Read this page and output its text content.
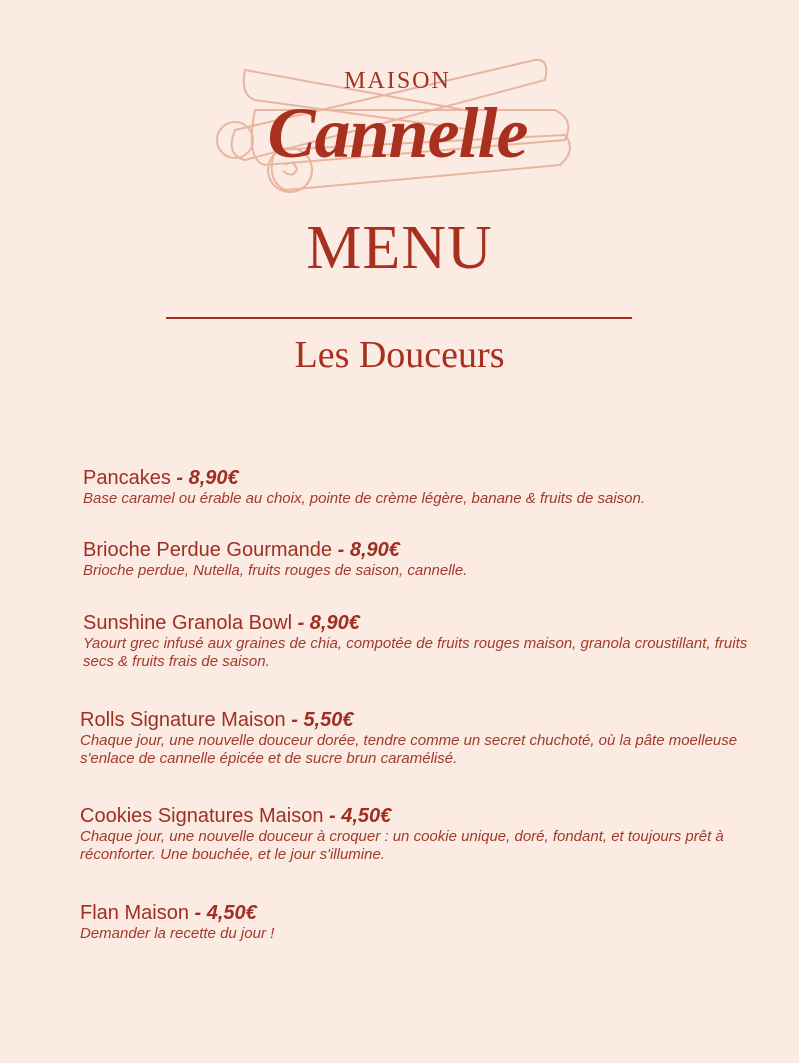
MAISON
Cannelle
MENU
Les Douceurs
Pancakes - 8,90€
Base caramel ou érable au choix, pointe de crème légère, banane & fruits de saison.
Brioche Perdue Gourmande - 8,90€
Brioche perdue, Nutella, fruits rouges de saison, cannelle.
Sunshine Granola Bowl - 8,90€
Yaourt grec infusé aux graines de chia, compotée de fruits rouges maison, granola croustillant, fruits secs & fruits frais de saison.
Rolls Signature Maison - 5,50€
Chaque jour, une nouvelle douceur dorée, tendre comme un secret chuchoté, où la pâte moelleuse s'enlace de cannelle épicée et de sucre brun caramélisé.
Cookies Signatures Maison - 4,50€
Chaque jour, une nouvelle douceur à croquer : un cookie unique, doré, fondant, et toujours prêt à réconforter. Une bouchée, et le jour s'illumine.
Flan Maison - 4,50€
Demander la recette du jour !
